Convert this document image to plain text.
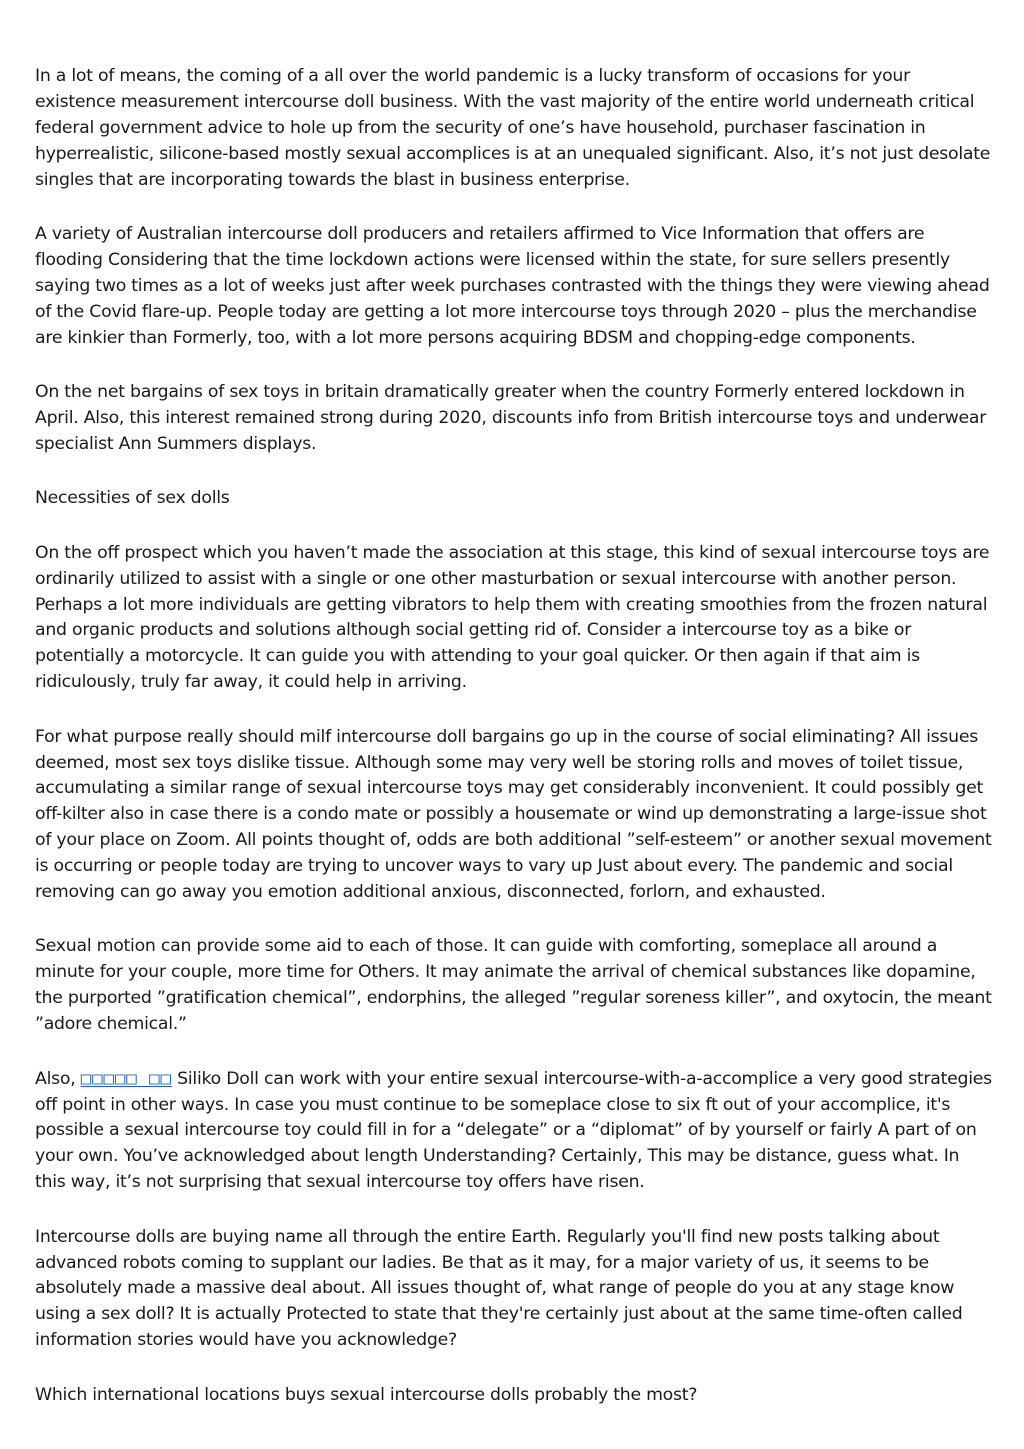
In a lot of means, the coming of a all over the world pandemic is a lucky transform of occasions for your existence measurement intercourse doll business. With the vast majority of the entire world underneath critical federal government advice to hole up from the security of one’s have household, purchaser fascination in hyperrealistic, silicone-based mostly sexual accomplices is at an unequaled significant. Also, it’s not just desolate singles that are incorporating towards the blast in business enterprise.

A variety of Australian intercourse doll producers and retailers affirmed to Vice Information that offers are flooding Considering that the time lockdown actions were licensed within the state, for sure sellers presently saying two times as a lot of weeks just after week purchases contrasted with the things they were viewing ahead of the Covid flare-up. People today are getting a lot more intercourse toys through 2020 – plus the merchandise are kinkier than Formerly, too, with a lot more persons acquiring BDSM and chopping-edge components.

On the net bargains of sex toys in britain dramatically greater when the country Formerly entered lockdown in April. Also, this interest remained strong during 2020, discounts info from British intercourse toys and underwear specialist Ann Summers displays.

Necessities of sex dolls

On the off prospect which you haven’t made the association at this stage, this kind of sexual intercourse toys are ordinarily utilized to assist with a single or one other masturbation or sexual intercourse with another person. Perhaps a lot more individuals are getting vibrators to help them with creating smoothies from the frozen natural and organic products and solutions although social getting rid of. Consider a intercourse toy as a bike or potentially a motorcycle. It can guide you with attending to your goal quicker. Or then again if that aim is ridiculously, truly far away, it could help in arriving.

For what purpose really should milf intercourse doll bargains go up in the course of social eliminating? All issues deemed, most sex toys dislike tissue. Although some may very well be storing rolls and moves of toilet tissue, accumulating a similar range of sexual intercourse toys may get considerably inconvenient. It could possibly get off-kilter also in case there is a condo mate or possibly a housemate or wind up demonstrating a large-issue shot of your place on Zoom. All points thought of, odds are both additional ”self-esteem” or another sexual movement is occurring or people today are trying to uncover ways to vary up Just about every. The pandemic and social removing can go away you emotion additional anxious, disconnected, forlorn, and exhausted.

Sexual motion can provide some aid to each of those. It can guide with comforting, someplace all around a minute for your couple, more time for Others. It may animate the arrival of chemical substances like dopamine, the purported ”gratification chemical”, endorphins, the alleged ”regular soreness killer”, and oxytocin, the meant ”adore chemical.”

Also, □□□□□ □□ Siliko Doll can work with your entire sexual intercourse-with-a-accomplice a very good strategies off point in other ways. In case you must continue to be someplace close to six ft out of your accomplice, it's possible a sexual intercourse toy could fill in for a “delegate” or a “diplomat” of by yourself or fairly A part of on your own. You’ve acknowledged about length Understanding? Certainly, This may be distance, guess what. In this way, it’s not surprising that sexual intercourse toy offers have risen.

Intercourse dolls are buying name all through the entire Earth. Regularly you'll find new posts talking about advanced robots coming to supplant our ladies. Be that as it may, for a major variety of us, it seems to be absolutely made a massive deal about. All issues thought of, what range of people do you at any stage know using a sex doll? It is actually Protected to state that they're certainly just about at the same time-often called information stories would have you acknowledge?

Which international locations buys sexual intercourse dolls probably the most?
